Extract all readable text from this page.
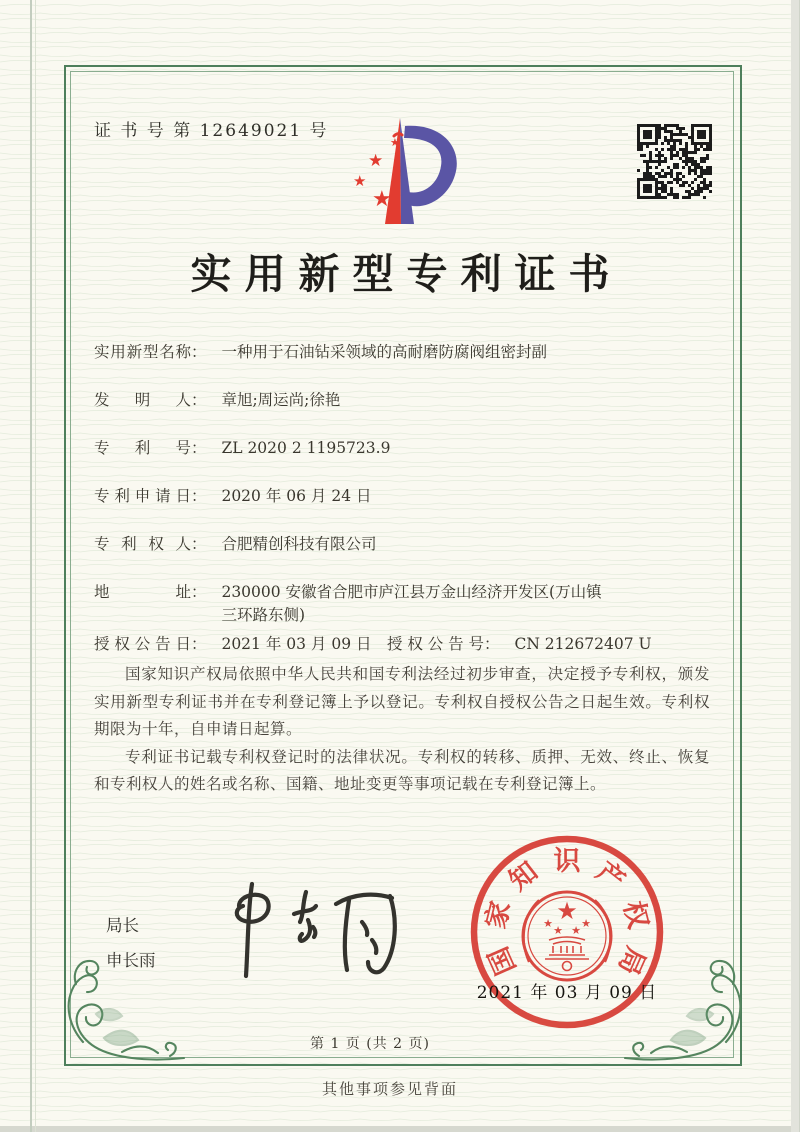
证 书 号 第 12649021 号
★
★
★
★
实用新型专利证书
实用新型名称： 一种用于石油钻采领域的高耐磨防腐阀组密封副
发明人： 章旭;周运尚;徐艳
专利号： ZL 2020 2 1195723.9
专利申请日： 2020 年 06 月 24 日
专利权人： 合肥精创科技有限公司
地址： 230000 安徽省合肥市庐江县万金山经济开发区(万山镇三环路东侧)
授权公告日： 2021 年 03 月 09 日 授权公告号： CN 212672407 U

国家知识产权局依照中华人民共和国专利法经过初步审查，决定授予专利权，颁发实用新型专利证书并在专利登记簿上予以登记。专利权自授权公告之日起生效。专利权期限为十年，自申请日起算。

专利证书记载专利权登记时的法律状况。专利权的转移、质押、无效、终止、恢复和专利权人的姓名或名称、国籍、地址变更等事项记载在专利登记簿上。

局长
申长雨	国
家
知 识 产
权
局
★
★
★ ★
★
2021 年 03 月 09 日
第 1 页 (共 2 页)
其他事项参见背面
